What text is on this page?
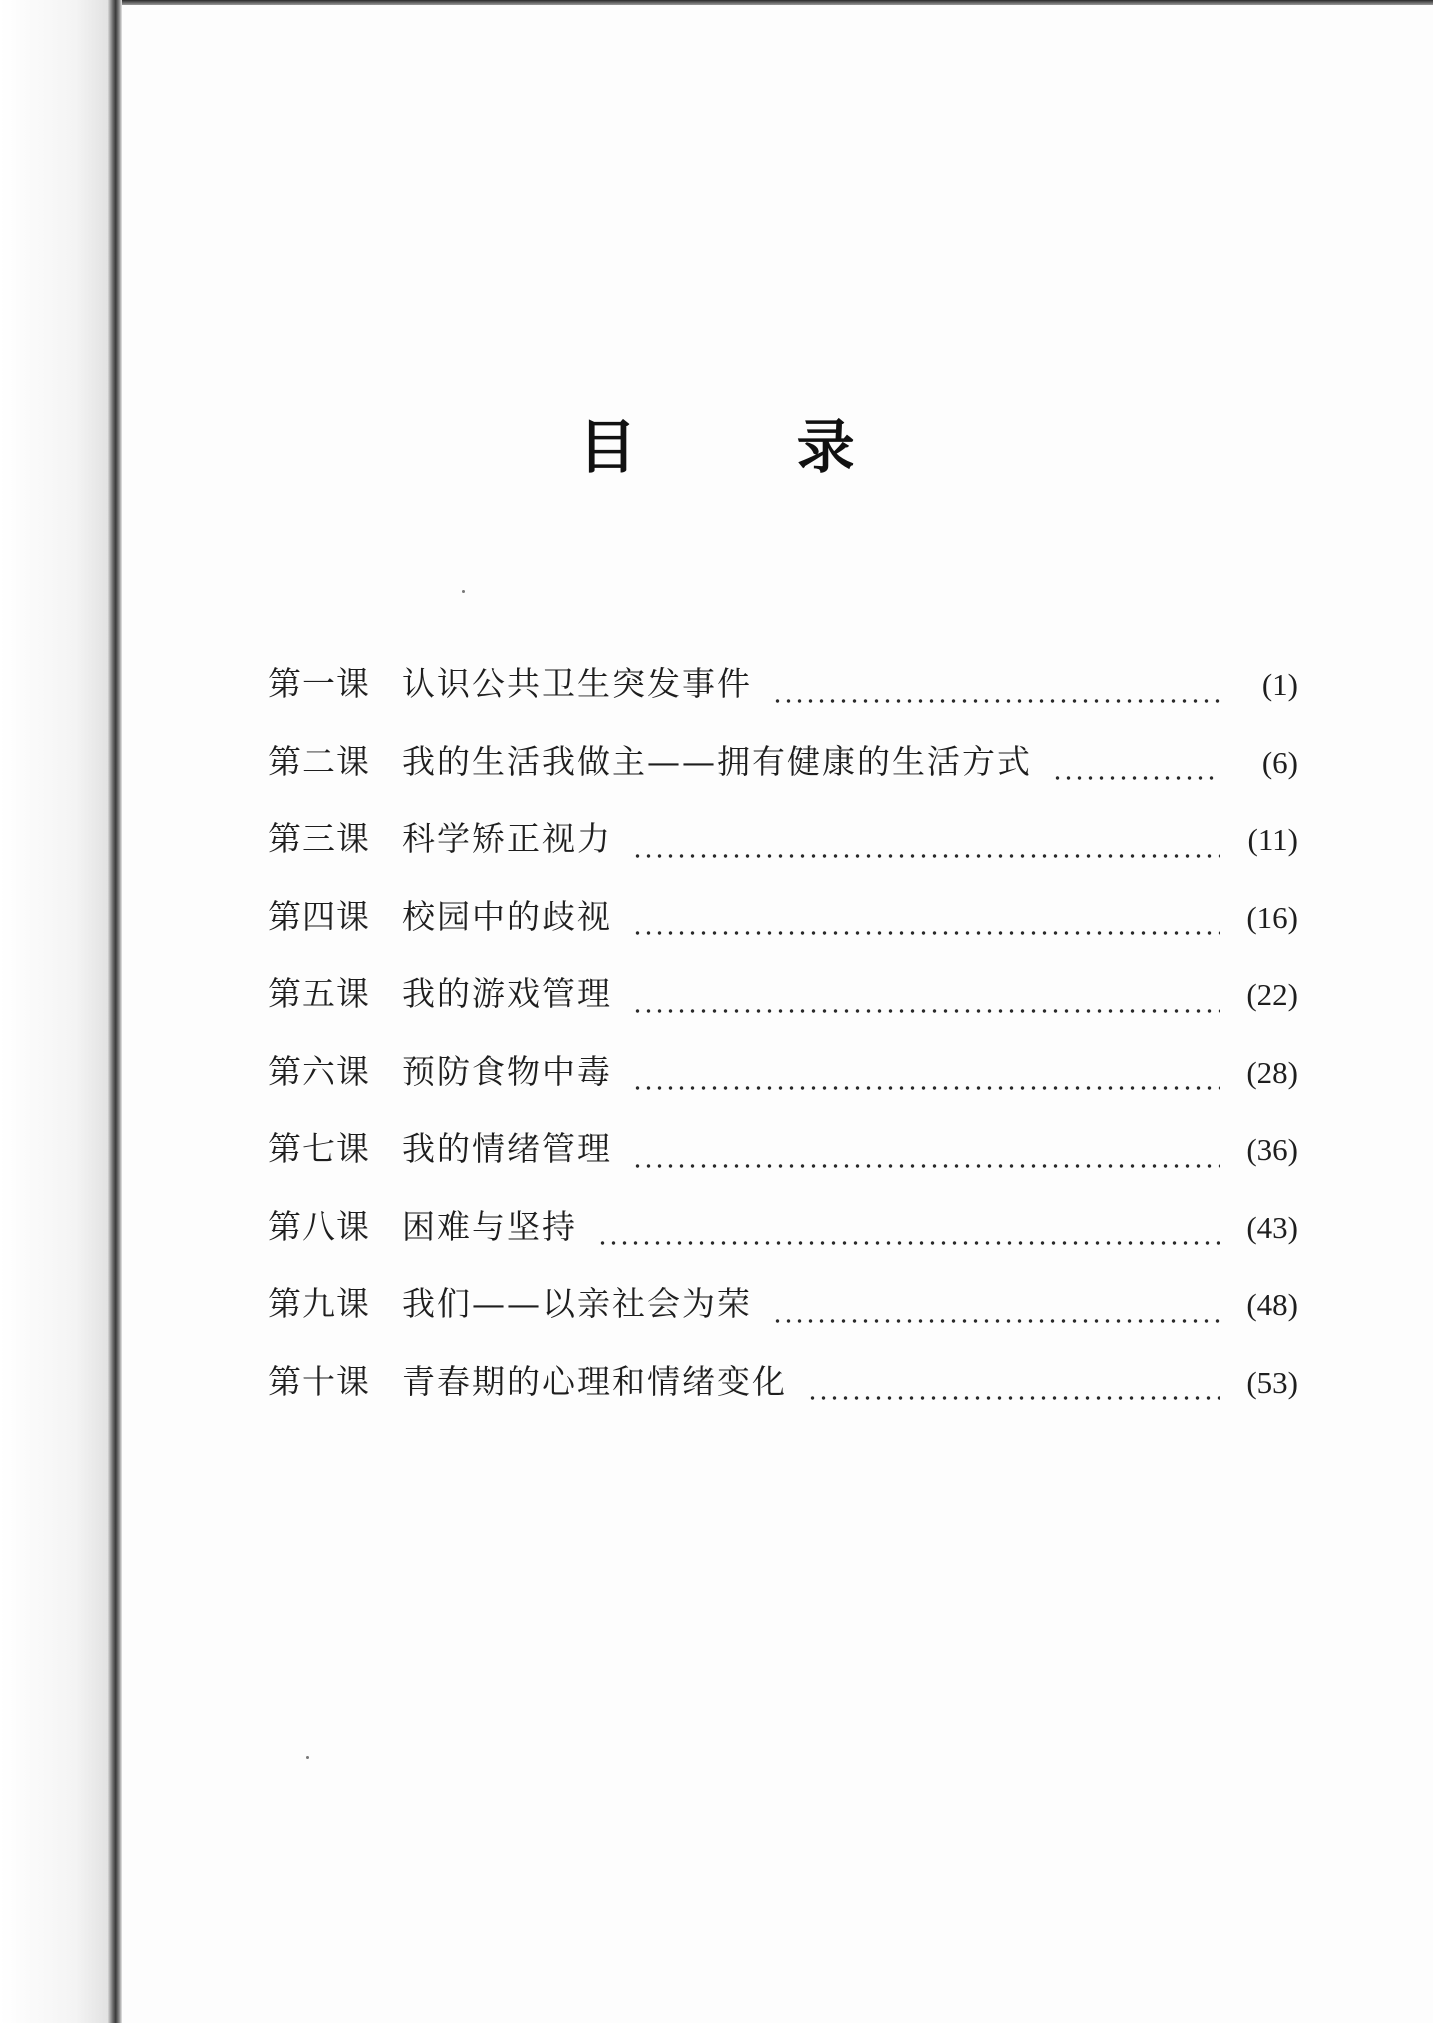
目 录
第一课 认识公共卫生突发事件	(1)
第二课 我的生活我做主——拥有健康的生活方式	(6)
第三课 科学矫正视力	(11)
第四课 校园中的歧视	(16)
第五课 我的游戏管理	(22)
第六课 预防食物中毒	(28)
第七课 我的情绪管理	(36)
第八课 困难与坚持	(43)
第九课 我们——以亲社会为荣	(48)
第十课 青春期的心理和情绪变化	(53)
